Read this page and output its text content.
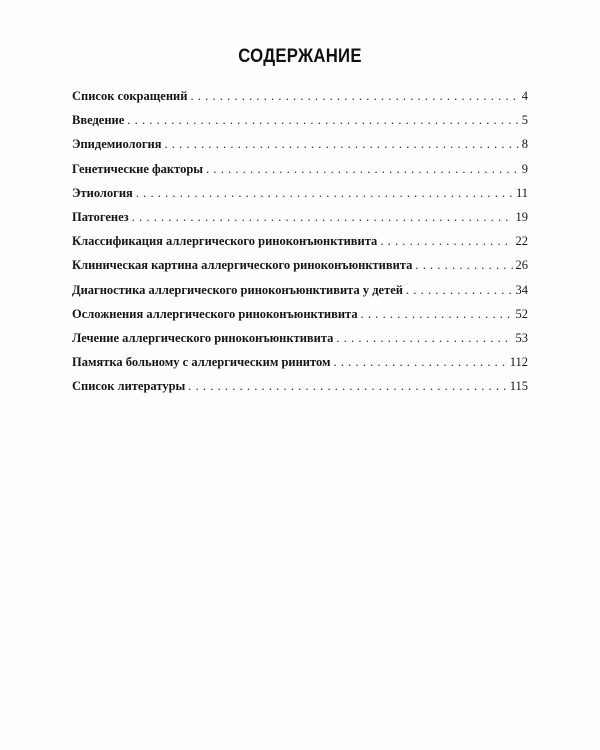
СОДЕРЖАНИЕ
Список сокращений .....	4
Введение .....	5
Эпидемиология .....	8
Генетические факторы .....	9
Этиология .....	11
Патогенез .....	19
Классификация аллергического риноконъюнктивита .....	22
Клиническая картина аллергического риноконъюнктивита .....	26
Диагностика аллергического риноконъюнктивита у детей .....	34
Осложнения аллергического риноконъюнктивита .....	52
Лечение аллергического риноконъюнктивита .....	53
Памятка больному с аллергическим ринитом .....	112
Список литературы .....	115
